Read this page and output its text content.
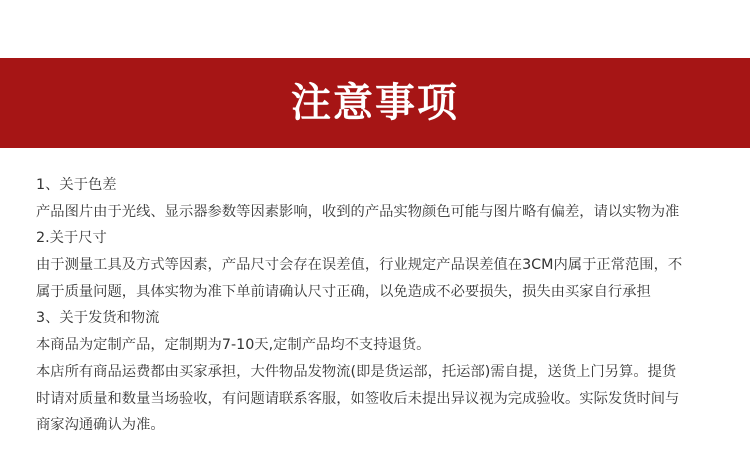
注意事项
1、关于色差
产品图片由于光线、显示器参数等因素影响，收到的产品实物颜色可能与图片略有偏差，请以实物为准
2.关于尺寸
由于测量工具及方式等因素，产品尺寸会存在误差值，行业规定产品误差值在3CM内属于正常范围，不
属于质量问题，具体实物为准下单前请确认尺寸正确，以免造成不必要损失，损失由买家自行承担
3、关于发货和物流
本商品为定制产品，定制期为7-10天,定制产品均不支持退货。
本店所有商品运费都由买家承担，大件物品发物流(即是货运部，托运部)需自提，送货上门另算。提货
时请对质量和数量当场验收，有问题请联系客服，如签收后未提出异议视为完成验收。实际发货时间与
商家沟通确认为准。
